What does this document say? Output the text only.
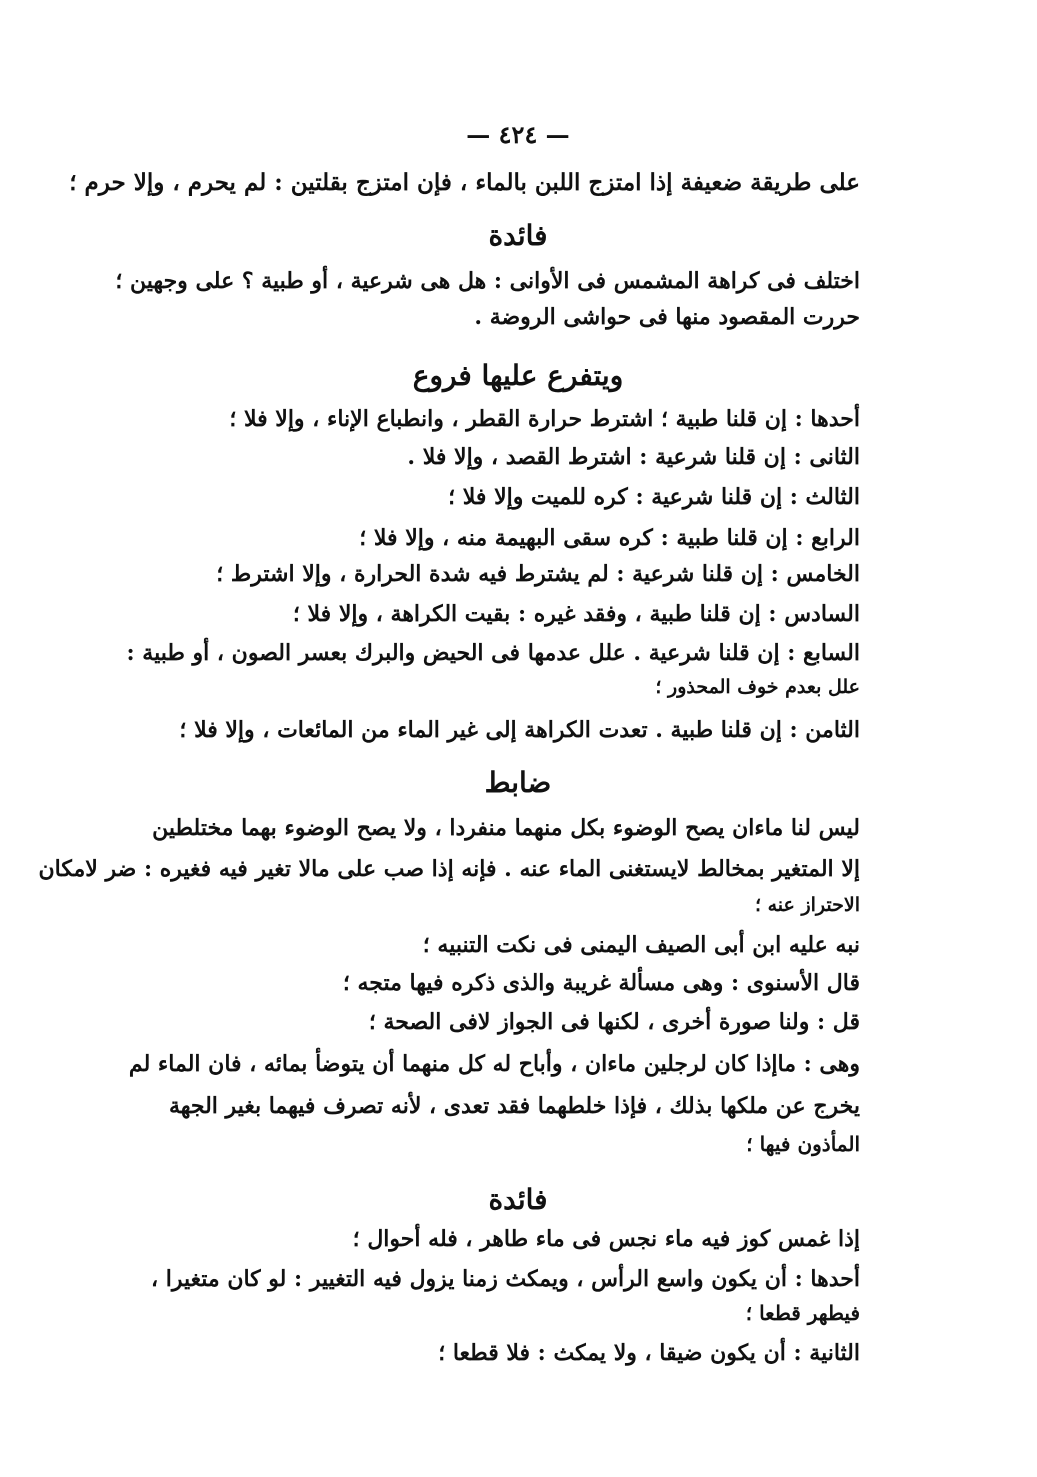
— ٤٢٤ —
على طريقة ضعيفة إذا امتزج اللبن بالماء ، فإن امتزج بقلتين : لم يحرم ، وإلا حرم ؛
فائدة
اختلف فى كراهة المشمس فى الأوانى : هل هى شرعية ، أو طبية ؟ على وجهين ؛
حررت المقصود منها فى حواشى الروضة .
ويتفرع عليها فروع
أحدها : إن قلنا طبية ؛ اشترط حرارة القطر ، وانطباع الإناء ، وإلا فلا ؛
الثانى : إن قلنا شرعية : اشترط القصد ، وإلا فلا .
الثالث : إن قلنا شرعية : كره للميت وإلا فلا ؛
الرابع : إن قلنا طبية : كره سقى البهيمة منه ، وإلا فلا ؛
الخامس : إن قلنا شرعية : لم يشترط فيه شدة الحرارة ، وإلا اشترط ؛
السادس : إن قلنا طبية ، وفقد غيره : بقيت الكراهة ، وإلا فلا ؛
السابع : إن قلنا شرعية . علل عدمها فى الحيض والبرك بعسر الصون ، أو طبية :
علل بعدم خوف المحذور ؛
الثامن : إن قلنا طبية . تعدت الكراهة إلى غير الماء من المائعات ، وإلا فلا ؛
ضابط
ليس لنا ماءان يصح الوضوء بكل منهما منفردا ، ولا يصح الوضوء بهما مختلطين
إلا المتغير بمخالط لايستغنى الماء عنه . فإنه إذا صب على مالا تغير فيه فغيره : ضر لامكان
الاحتراز عنه ؛
نبه عليه ابن أبى الصيف اليمنى فى نكت التنبيه ؛
قال الأسنوى : وهى مسألة غريبة والذى ذكره فيها متجه ؛
قل : ولنا صورة أخرى ، لكنها فى الجواز لافى الصحة ؛
وهى : ماإذا كان لرجلين ماءان ، وأباح له كل منهما أن يتوضأ بمائه ، فان الماء لم
يخرج عن ملكها بذلك ، فإذا خلطهما فقد تعدى ، لأنه تصرف فيهما بغير الجهة
المأذون فيها ؛
فائدة
إذا غمس كوز فيه ماء نجس فى ماء طاهر ، فله أحوال ؛
أحدها : أن يكون واسع الرأس ، ويمكث زمنا يزول فيه التغيير : لو كان متغيرا ،
فيطهر قطعا ؛
الثانية : أن يكون ضيقا ، ولا يمكث : فلا قطعا ؛
